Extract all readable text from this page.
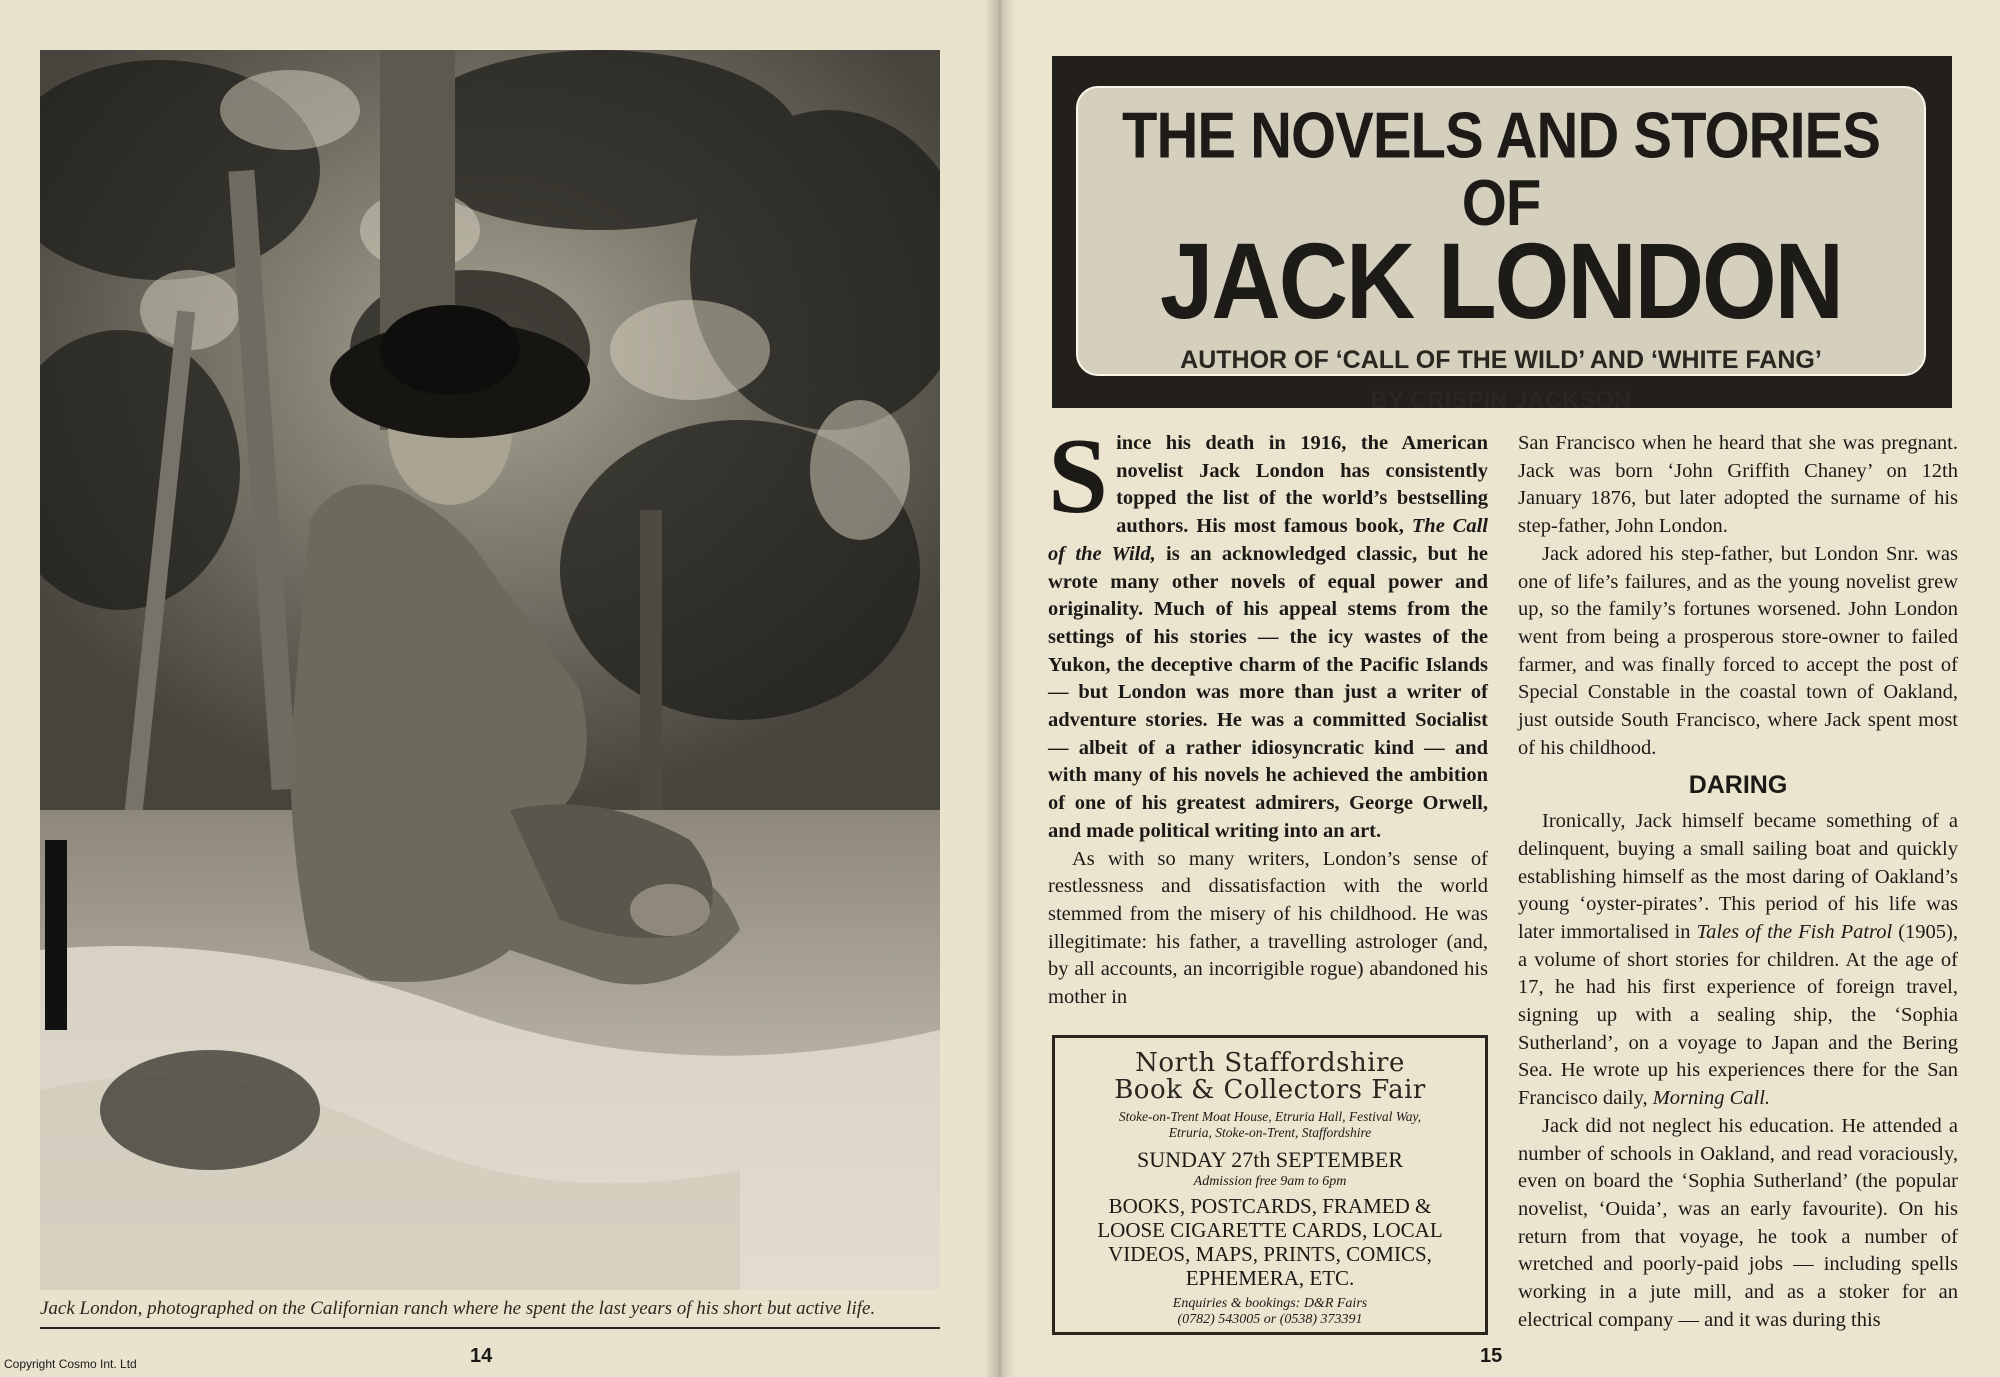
Jack London, photographed on the Californian ranch where he spent the last years of his short but active life.
14
Copyright Cosmo Int. Ltd
THE NOVELS AND STORIES OF
JACK LONDON
AUTHOR OF ‘CALL OF THE WILD’ AND ‘WHITE FANG’
BY CRISPIN JACKSON

Since his death in 1916, the American novelist Jack London has consistently topped the list of the world’s bestselling authors. His most famous book, The Call of the Wild, is an acknowledged classic, but he wrote many other novels of equal power and originality. Much of his appeal stems from the settings of his stories — the icy wastes of the Yukon, the deceptive charm of the Pacific Islands — but London was more than just a writer of adventure stories. He was a committed Socialist — albeit of a rather idiosyncratic kind — and with many of his novels he achieved the ambition of one of his greatest admirers, George Orwell, and made political writing into an art.

As with so many writers, London’s sense of restlessness and dissatisfaction with the world stemmed from the misery of his childhood. He was illegitimate: his father, a travelling astrologer (and, by all accounts, an incorrigible rogue) abandoned his mother in

North Staffordshire
Book & Collectors Fair
Stoke-on-Trent Moat House, Etruria Hall, Festival Way,
Etruria, Stoke-on-Trent, Staffordshire
SUNDAY 27th SEPTEMBER
Admission free 9am to 6pm
BOOKS, POSTCARDS, FRAMED &
LOOSE CIGARETTE CARDS, LOCAL
VIDEOS, MAPS, PRINTS, COMICS,
EPHEMERA, ETC.
Enquiries & bookings: D&R Fairs
(0782) 543005 or (0538) 373391

San Francisco when he heard that she was pregnant. Jack was born ‘John Griffith Chaney’ on 12th January 1876, but later adopted the surname of his step-father, John London.

Jack adored his step-father, but London Snr. was one of life’s failures, and as the young novelist grew up, so the family’s fortunes worsened. John London went from being a prosperous store-owner to failed farmer, and was finally forced to accept the post of Special Constable in the coastal town of Oakland, just outside South Francisco, where Jack spent most of his childhood.

DARING

Ironically, Jack himself became something of a delinquent, buying a small sailing boat and quickly establishing himself as the most daring of Oakland’s young ‘oyster-pirates’. This period of his life was later immortalised in Tales of the Fish Patrol (1905), a volume of short stories for children. At the age of 17, he had his first experience of foreign travel, signing up with a sealing ship, the ‘Sophia Sutherland’, on a voyage to Japan and the Bering Sea. He wrote up his experiences there for the San Francisco daily, Morning Call.

Jack did not neglect his education. He attended a number of schools in Oakland, and read voraciously, even on board the ‘Sophia Sutherland’ (the popular novelist, ‘Ouida’, was an early favourite). On his return from that voyage, he took a number of wretched and poorly-paid jobs — including spells working in a jute mill, and as a stoker for an electrical company — and it was during this

15
